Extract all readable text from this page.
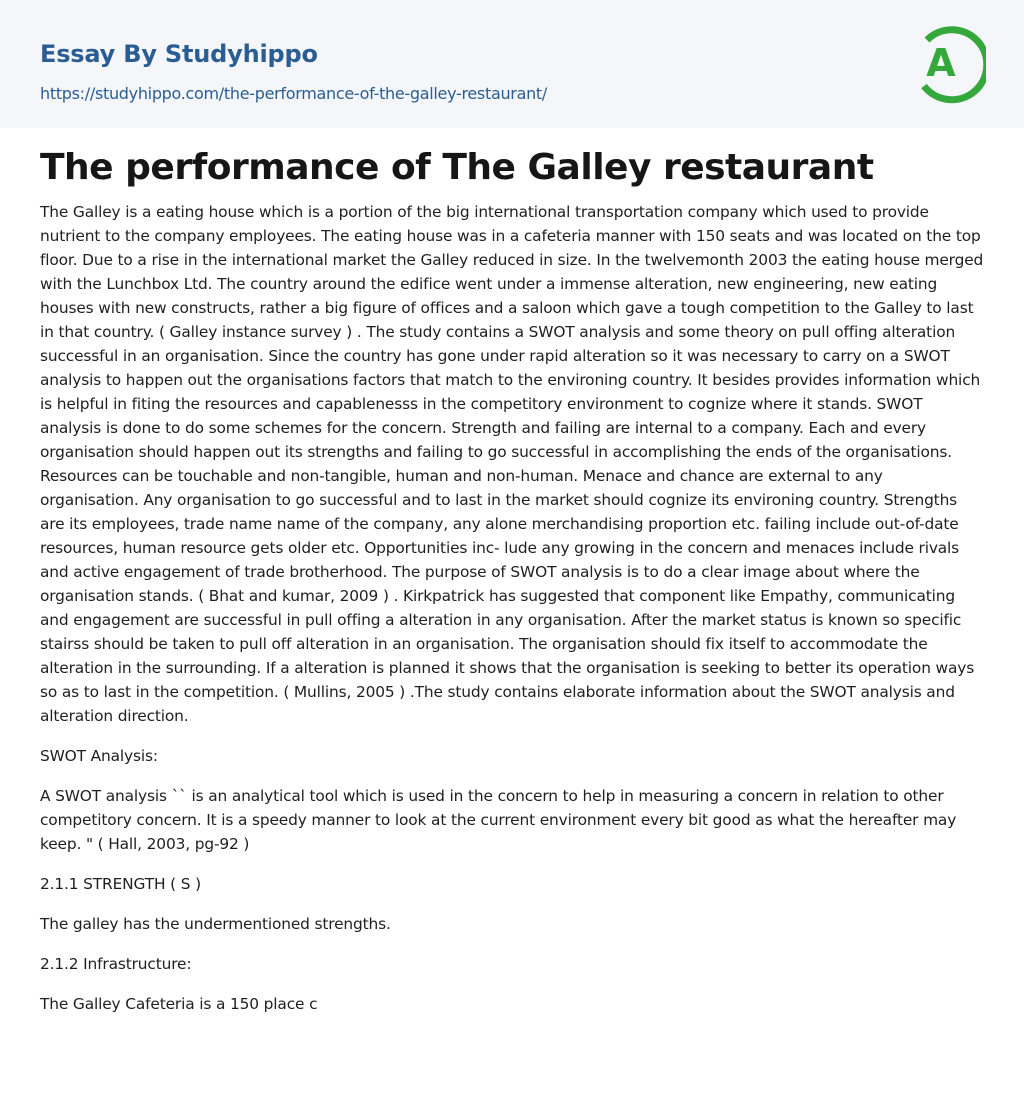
Essay By Studyhippo
https://studyhippo.com/the-performance-of-the-galley-restaurant/
A
The performance of The Galley restaurant

The Galley is a eating house which is a portion of the big international transportation company which used to provide nutrient to the company employees. The eating house was in a cafeteria manner with 150 seats and was located on the top floor. Due to a rise in the international market the Galley reduced in size. In the twelvemonth 2003 the eating house merged with the Lunchbox Ltd. The country around the edifice went under a immense alteration, new engineering, new eating houses with new constructs, rather a big figure of offices and a saloon which gave a tough competition to the Galley to last in that country. ( Galley instance survey ) . The study contains a SWOT analysis and some theory on pull offing alteration successful in an organisation. Since the country has gone under rapid alteration so it was necessary to carry on a SWOT analysis to happen out the organisations factors that match to the environing country. It besides provides information which is helpful in fiting the resources and capablenesss in the competitory environment to cognize where it stands. SWOT analysis is done to do some schemes for the concern. Strength and failing are internal to a company. Each and every organisation should happen out its strengths and failing to go successful in accomplishing the ends of the organisations. Resources can be touchable and non-tangible, human and non-human. Menace and chance are external to any organisation. Any organisation to go successful and to last in the market should cognize its environing country. Strengths are its employees, trade name name of the company, any alone merchandising proportion etc. failing include out-of-date resources, human resource gets older etc. Opportunities inc- lude any growing in the concern and menaces include rivals and active engagement of trade brotherhood. The purpose of SWOT analysis is to do a clear image about where the organisation stands. ( Bhat and kumar, 2009 ) . Kirkpatrick has suggested that component like Empathy, communicating and engagement are successful in pull offing a alteration in any organisation. After the market status is known so specific stairss should be taken to pull off alteration in an organisation. The organisation should fix itself to accommodate the alteration in the surrounding. If a alteration is planned it shows that the organisation is seeking to better its operation ways so as to last in the competition. ( Mullins, 2005 ) .The study contains elaborate information about the SWOT analysis and alteration direction.

SWOT Analysis:

A SWOT analysis `` is an analytical tool which is used in the concern to help in measuring a concern in relation to other competitory concern. It is a speedy manner to look at the current environment every bit good as what the hereafter may keep. " ( Hall, 2003, pg-92 )

2.1.1 STRENGTH ( S )

The galley has the undermentioned strengths.

2.1.2 Infrastructure:

The Galley Cafeteria is a 150 place c
